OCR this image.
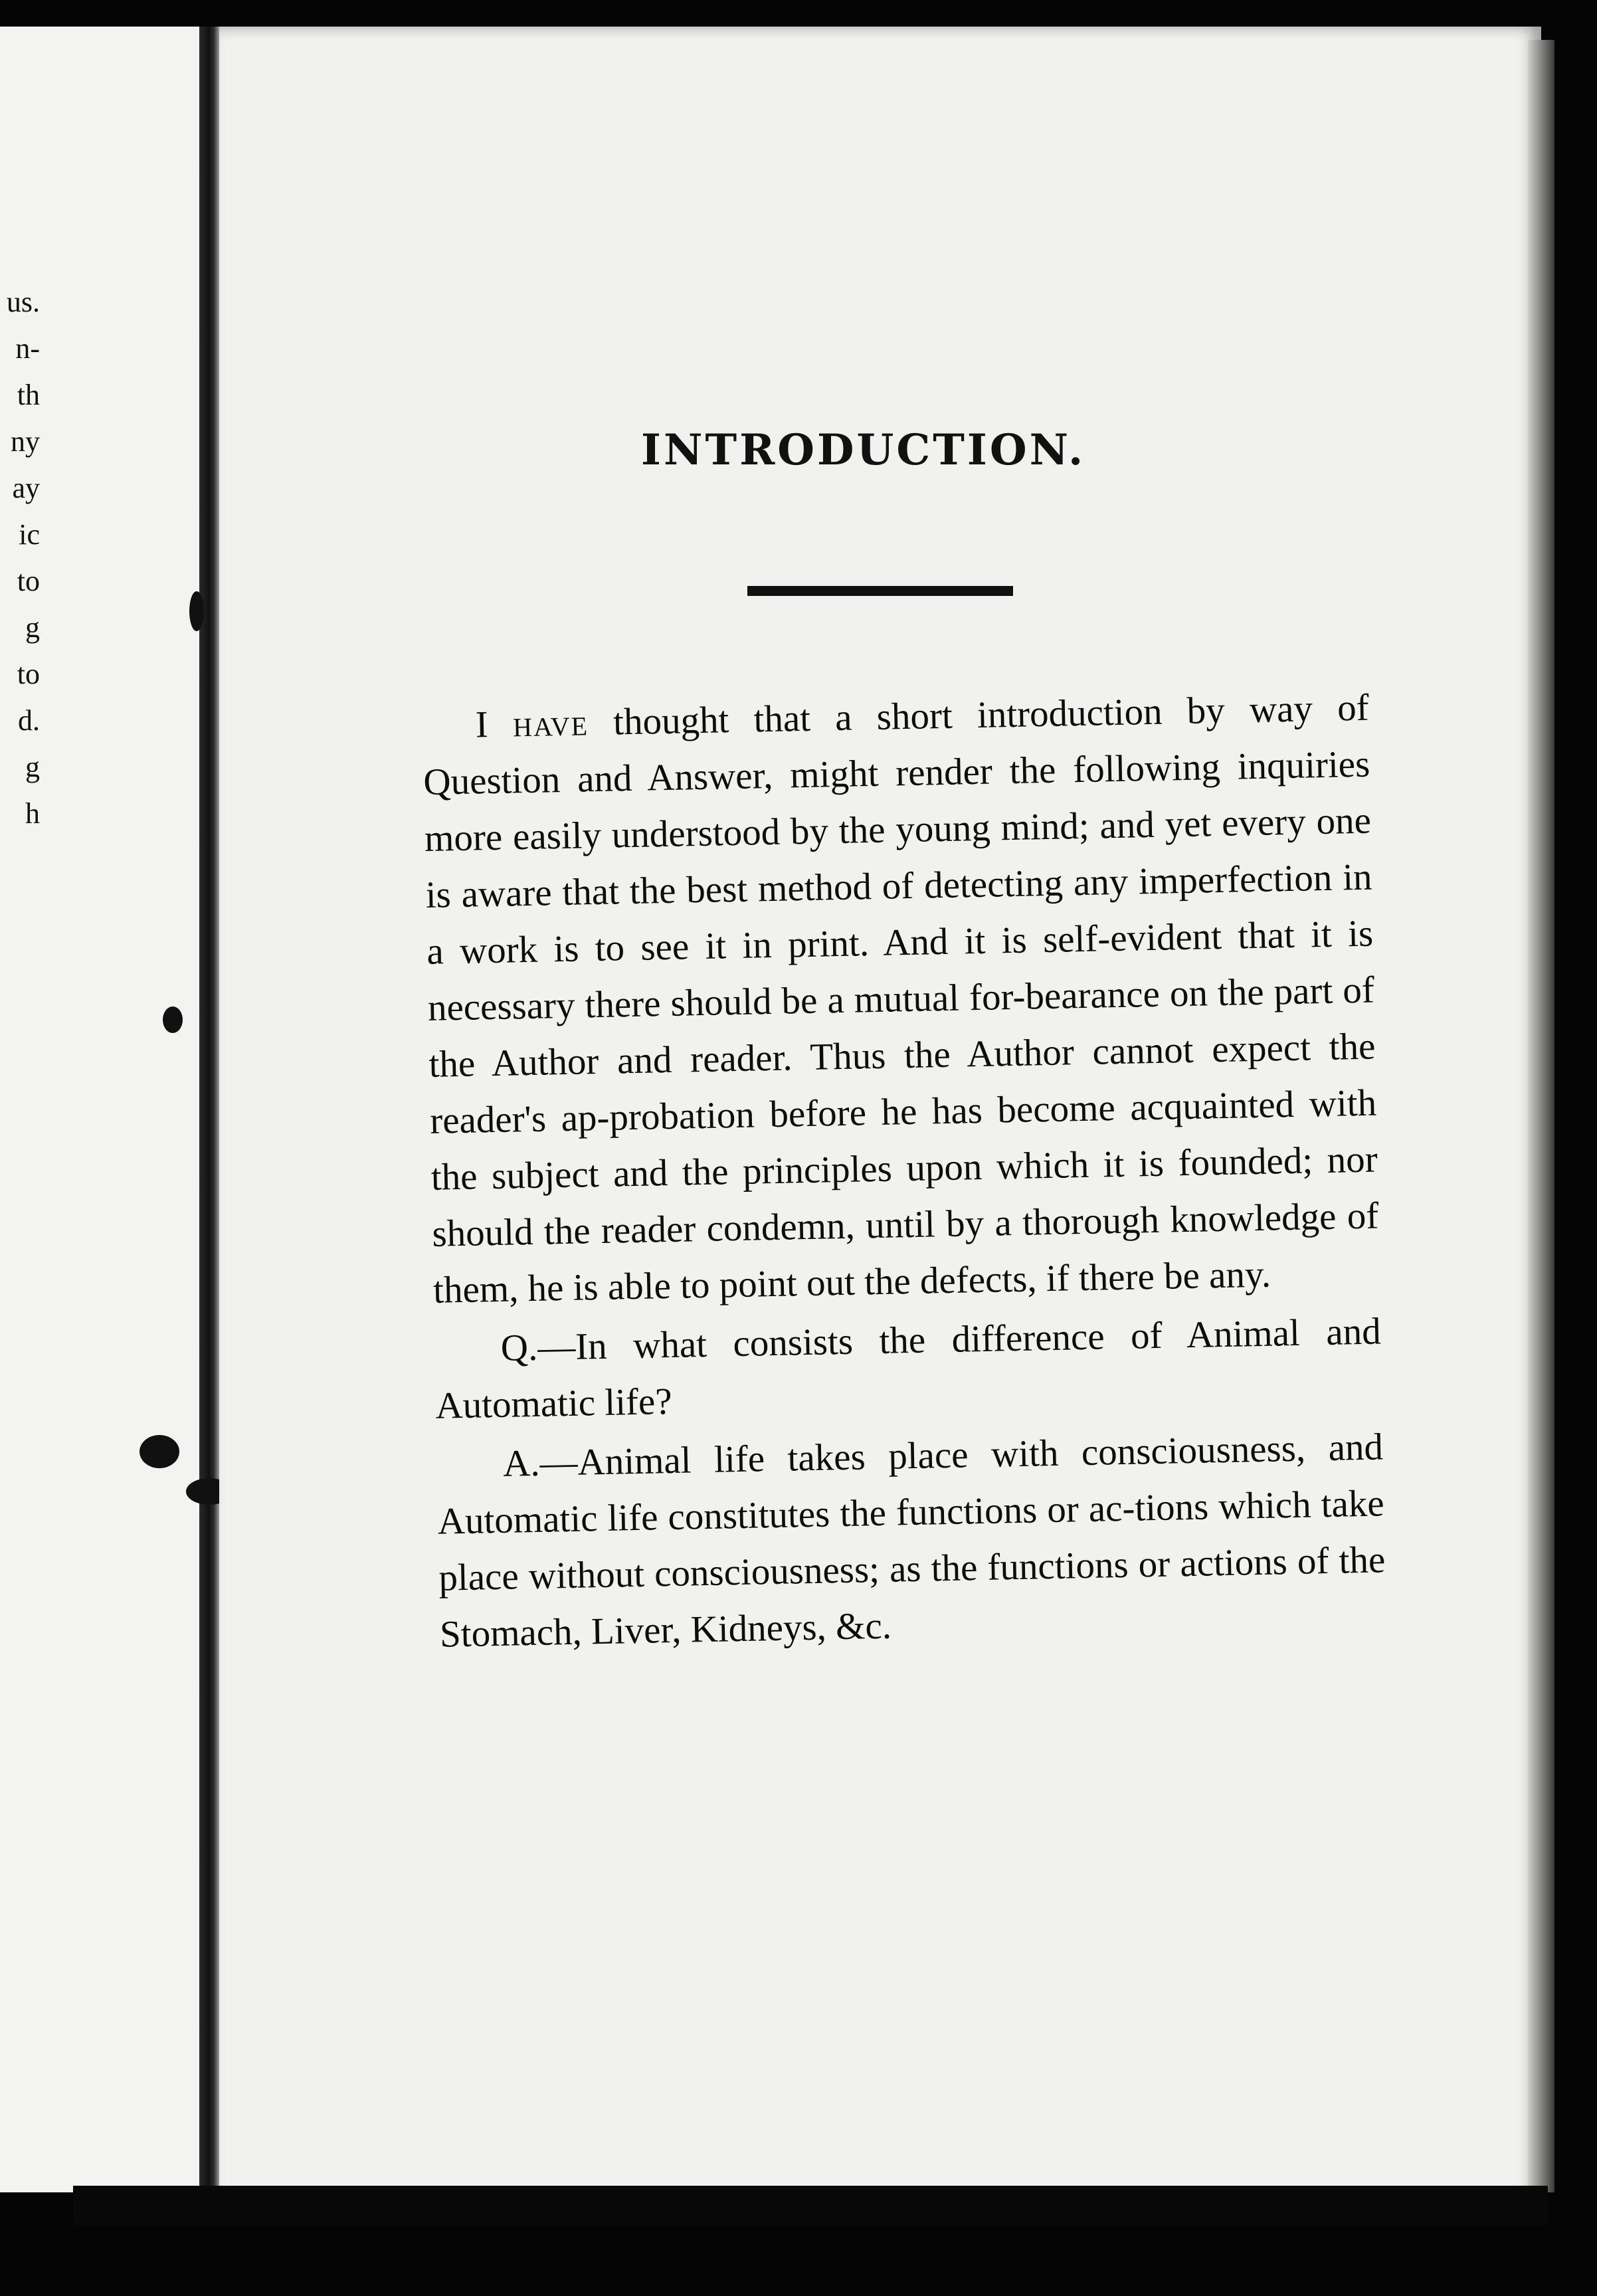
us.
n-
th
ny
ay
ic
to
g
to
d.
g
h
INTRODUCTION.

I have thought that a short introduction by way of Question and Answer, might render the following inquiries more easily understood by the young mind; and yet every one is aware that the best method of detecting any imperfection in a work is to see it in print. And it is self-evident that it is necessary there should be a mutual for-bearance on the part of the Author and reader. Thus the Author cannot expect the reader's ap-probation before he has become acquainted with the subject and the principles upon which it is founded; nor should the reader condemn, until by a thorough knowledge of them, he is able to point out the defects, if there be any.

Q.—In what consists the difference of Animal and Automatic life?

A.—Animal life takes place with consciousness, and Automatic life constitutes the functions or ac-tions which take place without consciousness; as the functions or actions of the Stomach, Liver, Kidneys, &c.
